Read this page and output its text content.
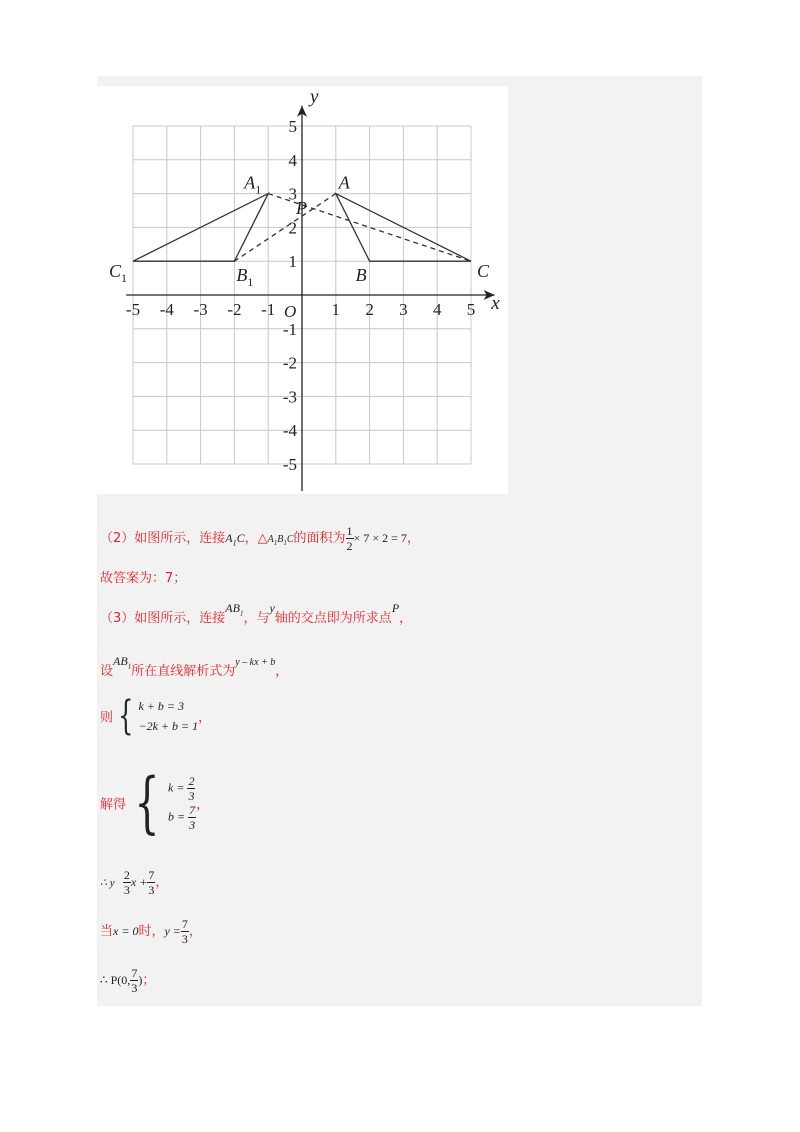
-5 -4 -3 -2 -1	1 2 3 4 5
5
4
3
2
1
-1
-2
-3
-4
-5
O	x
y
A
B	C
$A_1$
$B_1$
$C_1$
P
（2）如图所示，连接$A_1C$，$\triangle A_1B_1C$的面积为 $\frac{1}{2} \times 7 \times 2 = 7$，
故答案为：7；
（3）如图所示，连接$AB_1$，与y轴的交点即为所求点P，
设$AB_1$所在直线解析式为$^{y - kx + b}$，
则 { k + b = 3
−2k + b = 1
，
解得 { $k = \frac{2}{3}$
$b = \frac{7}{3}$ ，
∴ y $\frac{2}{3}$ $x + \frac{7}{3}$ ，
当x = 0时，$y = \frac{7}{3}$ ，
∴ P(0, $\frac{7}{3}$ )；
